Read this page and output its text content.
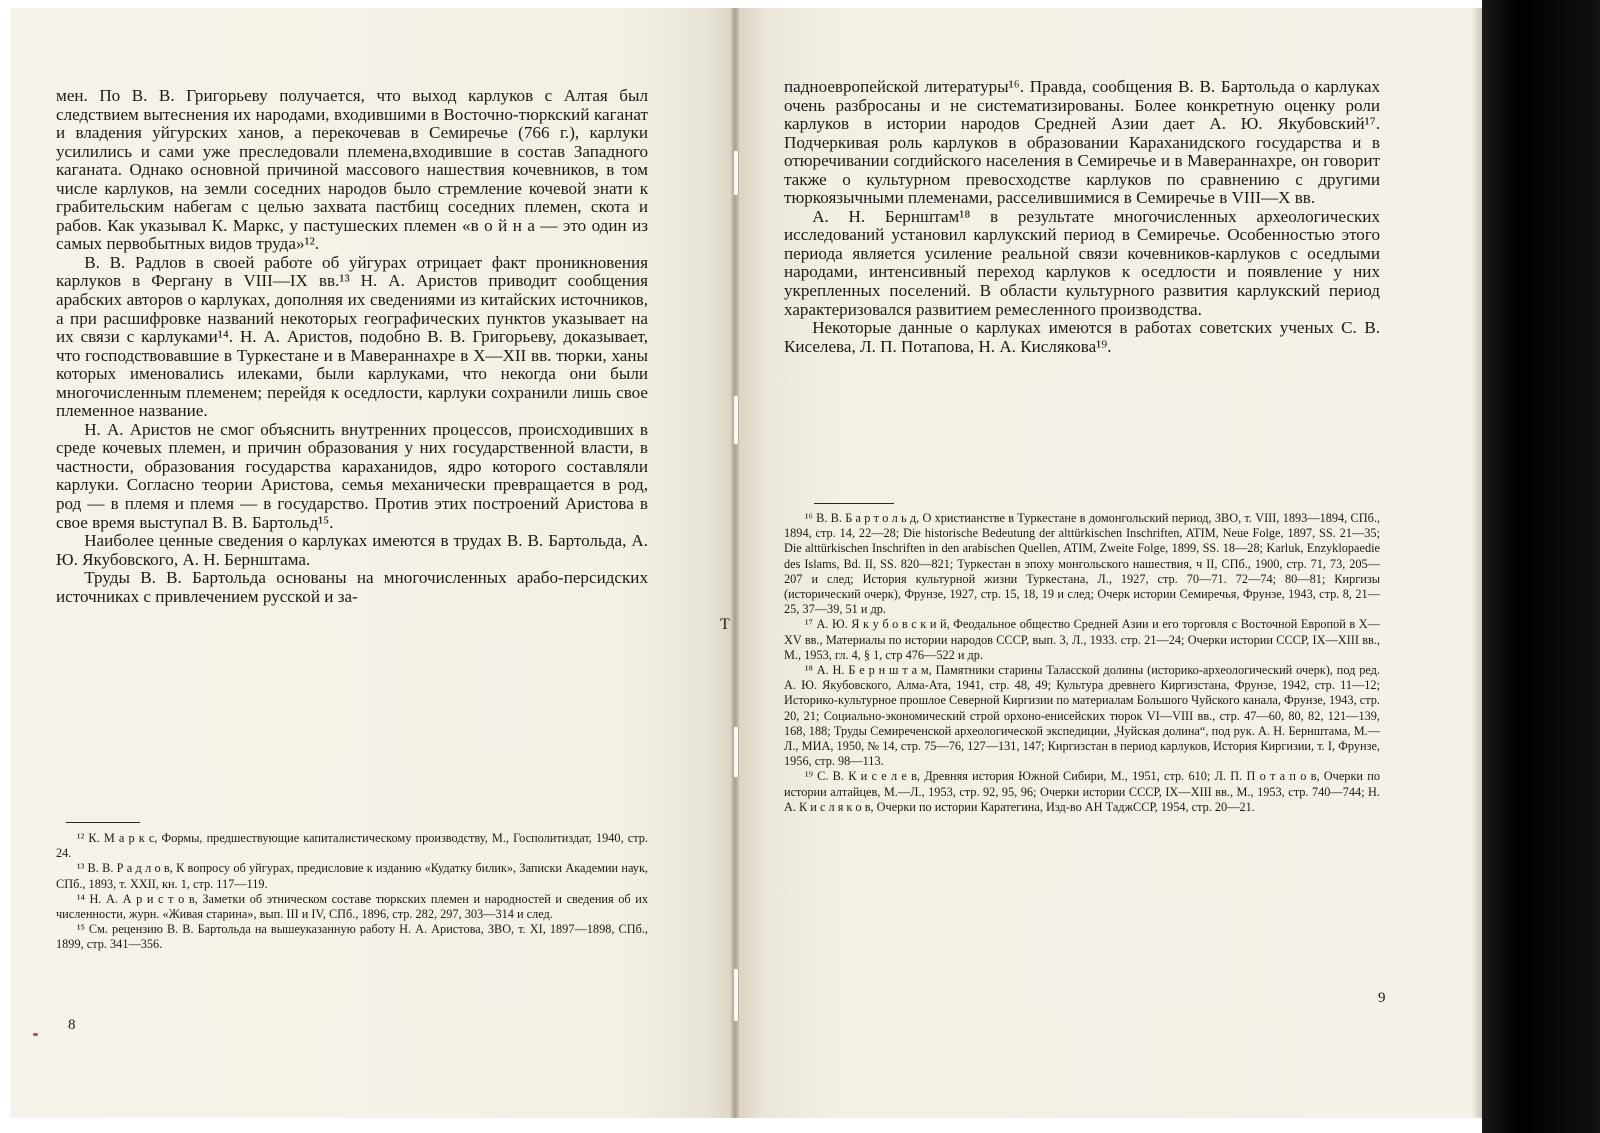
мен. По В. В. Григорьеву получается, что выход карлуков с Алтая был следствием вытеснения их народами, входившими в Восточно-тюркский каганат и владения уйгурских ханов, а перекочевав в Семиречье (766 г.), карлуки усилились и сами уже преследовали племена,входившие в состав Западного каганата. Однако основной причиной массового нашествия кочевников, в том числе карлуков, на земли соседних народов было стремление кочевой знати к грабительским набегам с целью захвата пастбищ соседних племен, скота и рабов. Как указывал К. Маркс, у пастушеских племен «в о й н а — это один из самых первобытных видов труда»¹².

В. В. Радлов в своей работе об уйгурах отрицает факт проникновения карлуков в Фергану в VIII—IX вв.¹³ Н. А. Аристов приводит сообщения арабских авторов о карлуках, дополняя их сведениями из китайских источников, а при расшифровке названий некоторых географических пунктов указывает на их связи с карлуками¹⁴. Н. А. Аристов, подобно В. В. Григорьеву, доказывает, что господствовавшие в Туркестане и в Мавераннахре в X—XII вв. тюрки, ханы которых именовались илеками, были карлуками, что некогда они были многочисленным племенем; перейдя к оседлости, карлуки сохранили лишь свое племенное название.

Н. А. Аристов не смог объяснить внутренних процессов, происходивших в среде кочевых племен, и причин образования у них государственной власти, в частности, образования государства караханидов, ядро которого составляли карлуки. Согласно теории Аристова, семья механически превращается в род, род — в племя и племя — в государство. Против этих построений Аристова в свое время выступал В. В. Бартольд¹⁵.

Наиболее ценные сведения о карлуках имеются в трудах В. В. Бартольда, А. Ю. Якубовского, А. Н. Бернштама.

Труды В. В. Бартольда основаны на многочисленных арабо-персидских источниках с привлечением русской и за-

¹² К. М а р к с, Формы, предшествующие капиталистическому производству, М., Госполитиздат, 1940, стр. 24.

¹³ В. В. Р а д л о в, К вопросу об уйгурах, предисловие к изданию «Кудатку билик», Записки Академии наук, СПб., 1893, т. XXII, кн. 1, стр. 117—119.

¹⁴ Н. А. А р и с т о в, Заметки об этническом составе тюркских племен и народностей и сведения об их численности, журн. «Живая старина», вып. III и IV, СПб., 1896, стр. 282, 297, 303—314 и след.

¹⁵ См. рецензию В. В. Бартольда на вышеуказанную работу Н. А. Аристова, ЗВО, т. XI, 1897—1898, СПб., 1899, стр. 341—356.

8
Т

падноевропейской литературы¹⁶. Правда, сообщения В. В. Бартольда о карлуках очень разбросаны и не систематизированы. Более конкретную оценку роли карлуков в истории народов Средней Азии дает А. Ю. Якубовский¹⁷. Подчеркивая роль карлуков в образовании Караханидского государства и в отюречивании согдийского населения в Семиречье и в Мавераннахре, он говорит также о культурном превосходстве карлуков по сравнению с другими тюркоязычными племенами, расселившимися в Семиречье в VIII—X вв.

А. Н. Бернштам¹⁸ в результате многочисленных археологических исследований установил карлукский период в Семиречье. Особенностью этого периода является усиление реальной связи кочевников-карлуков с оседлыми народами, интенсивный переход карлуков к оседлости и появление у них укрепленных поселений. В области культурного развития карлукский период характеризовался развитием ремесленного производства.

Некоторые данные о карлуках имеются в работах советских ученых С. В. Киселева, Л. П. Потапова, Н. А. Кислякова¹⁹.

¹⁶ В. В. Б а р т о л ь д, О христианстве в Туркестане в домонгольский период, ЗВО, т. VIII, 1893—1894, СПб., 1894, стр. 14, 22—28; Die historische Bedeutung der alttürkischen Inschriften, ATIM, Neue Folge, 1897, SS. 21—35; Die alttürkischen Inschriften in den arabischen Quellen, ATIM, Zweite Folge, 1899, SS. 18—28; Karluk, Enzyklopaedie des Islams, Bd. II, SS. 820—821; Туркестан в эпоху монгольского нашествия, ч II, СПб., 1900, стр. 71, 73, 205—207 и след; История культурной жизни Туркестана, Л., 1927, стр. 70—71. 72—74; 80—81; Киргизы (исторический очерк), Фрунзе, 1927, стр. 15, 18, 19 и след; Очерк истории Семиречья, Фрунзе, 1943, стр. 8, 21—25, 37—39, 51 и др.

¹⁷ А. Ю. Я к у б о в с к и й, Феодальное общество Средней Азии и его торговля с Восточной Европой в X—XV вв., Материалы по истории народов СССР, вып. 3, Л., 1933. стр. 21—24; Очерки истории СССР, IX—XIII вв., М., 1953, гл. 4, § 1, стр 476—522 и др.

¹⁸ А. Н. Б е р н ш т а м, Памятники старины Таласской долины (историко-археологический очерк), под ред. А. Ю. Якубовского, Алма-Ата, 1941, стр. 48, 49; Культура древнего Киргизстана, Фрунзе, 1942, стр. 11—12; Историко-культурное прошлое Северной Киргизии по материалам Большого Чуйского канала, Фрунзе, 1943, стр. 20, 21; Социально-экономический строй орхоно-енисейских тюрок VI—VIII вв., стр. 47—60, 80, 82, 121—139, 168, 188; Труды Семиреченской археологической экспедиции, „Чуйская долина“, под рук. А. Н. Бернштама, М.—Л., МИА, 1950, № 14, стр. 75—76, 127—131, 147; Киргизстан в период карлуков, История Киргизии, т. I, Фрунзе, 1956, стр. 98—113.

¹⁹ С. В. К и с е л е в, Древняя история Южной Сибири, М., 1951, стр. 610; Л. П. П о т а п о в, Очерки по истории алтайцев, М.—Л., 1953, стр. 92, 95, 96; Очерки истории СССР, IX—XIII вв., М., 1953, стр. 740—744; Н. А. К и с л я к о в, Очерки по истории Каратегина, Изд-во АН ТаджССР, 1954, стр. 20—21.

9
